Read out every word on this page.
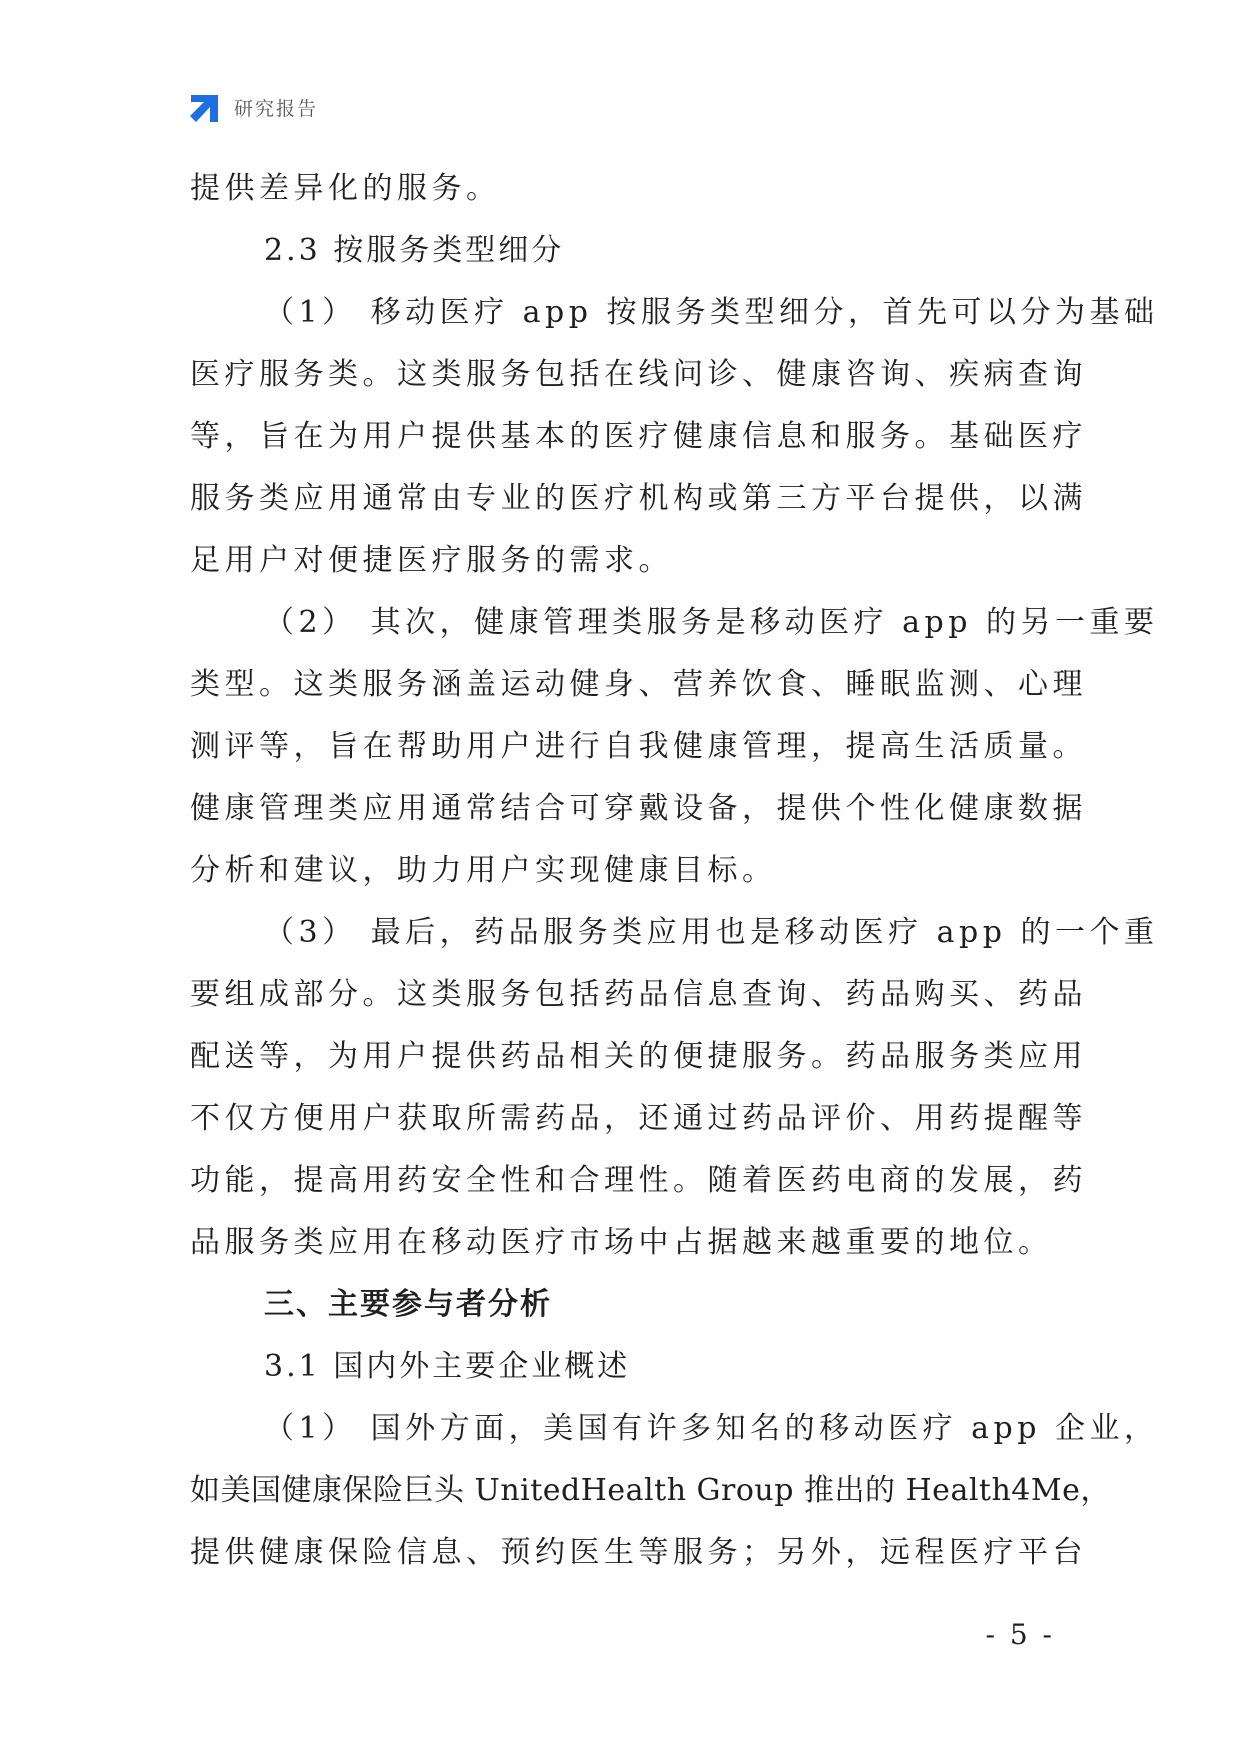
研究报告

提供差异化的服务。

2.3 按服务类型细分

（1） 移动医疗 app 按服务类型细分，首先可以分为基础

医疗服务类。这类服务包括在线问诊、健康咨询、疾病查询

等，旨在为用户提供基本的医疗健康信息和服务。基础医疗

服务类应用通常由专业的医疗机构或第三方平台提供，以满

足用户对便捷医疗服务的需求。

（2） 其次，健康管理类服务是移动医疗 app 的另一重要

类型。这类服务涵盖运动健身、营养饮食、睡眠监测、心理

测评等，旨在帮助用户进行自我健康管理，提高生活质量。

健康管理类应用通常结合可穿戴设备，提供个性化健康数据

分析和建议，助力用户实现健康目标。

（3） 最后，药品服务类应用也是移动医疗 app 的一个重

要组成部分。这类服务包括药品信息查询、药品购买、药品

配送等，为用户提供药品相关的便捷服务。药品服务类应用

不仅方便用户获取所需药品，还通过药品评价、用药提醒等

功能，提高用药安全性和合理性。随着医药电商的发展，药

品服务类应用在移动医疗市场中占据越来越重要的地位。

三、主要参与者分析

3.1 国内外主要企业概述

（1） 国外方面，美国有许多知名的移动医疗 app 企业，

如美国健康保险巨头 UnitedHealth Group 推出的 Health4Me，

提供健康保险信息、预约医生等服务；另外，远程医疗平台

- 5 -
